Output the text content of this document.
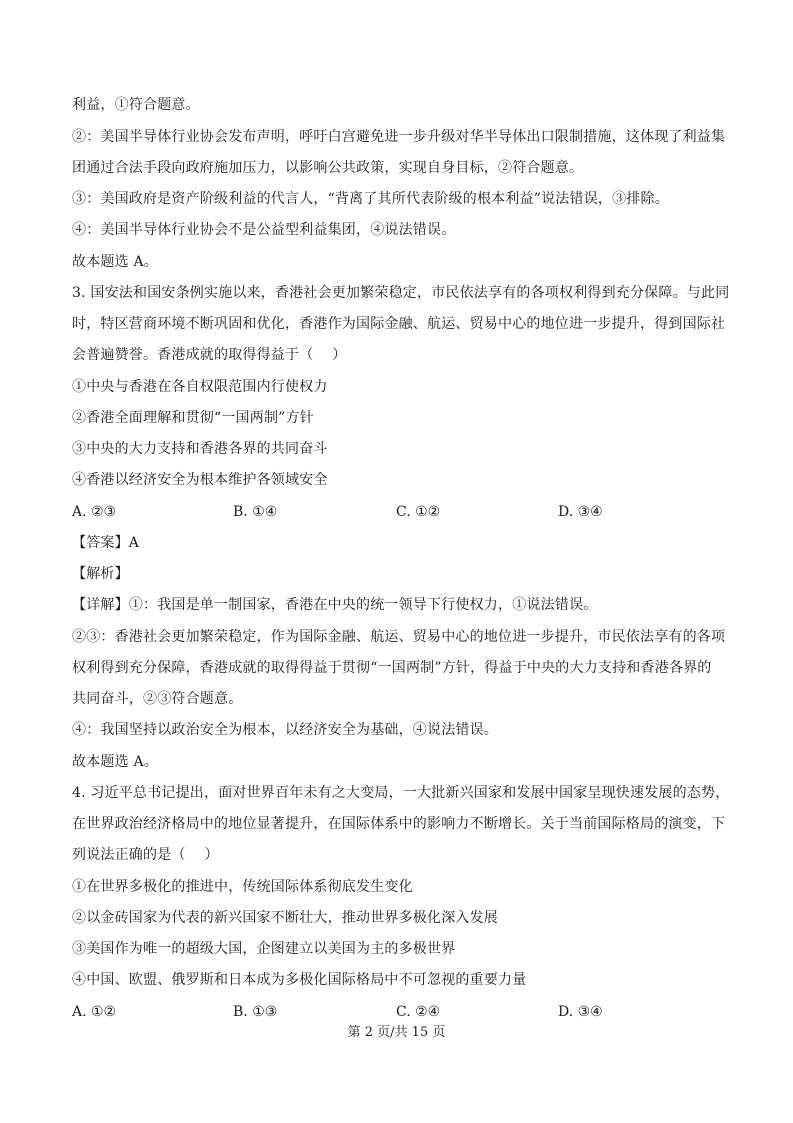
利益，①符合题意。
②：美国半导体行业协会发布声明，呼吁白宫避免进一步升级对华半导体出口限制措施，这体现了利益集
团通过合法手段向政府施加压力，以影响公共政策，实现自身目标，②符合题意。
③：美国政府是资产阶级利益的代言人，“背离了其所代表阶级的根本利益”说法错误，③排除。
④：美国半导体行业协会不是公益型利益集团，④说法错误。
故本题选 A。
3. 国安法和国安条例实施以来，香港社会更加繁荣稳定，市民依法享有的各项权利得到充分保障。与此同
时，特区营商环境不断巩固和优化，香港作为国际金融、航运、贸易中心的地位进一步提升，得到国际社
会普遍赞誉。香港成就的取得得益于（　 ）
①中央与香港在各自权限范围内行使权力
②香港全面理解和贯彻“一国两制”方针
③中央的大力支持和香港各界的共同奋斗
④香港以经济安全为根本维护各领域安全
A. ②③	B. ①④	C. ①②	D. ③④
【答案】A
【解析】
【详解】①：我国是单一制国家，香港在中央的统一领导下行使权力，①说法错误。
②③：香港社会更加繁荣稳定，作为国际金融、航运、贸易中心的地位进一步提升，市民依法享有的各项
权利得到充分保障，香港成就的取得得益于贯彻“一国两制”方针，得益于中央的大力支持和香港各界的
共同奋斗，②③符合题意。
④：我国坚持以政治安全为根本，以经济安全为基础，④说法错误。
故本题选 A。
4. 习近平总书记提出，面对世界百年未有之大变局，一大批新兴国家和发展中国家呈现快速发展的态势，
在世界政治经济格局中的地位显著提升，在国际体系中的影响力不断增长。关于当前国际格局的演变，下
列说法正确的是（　 ）
①在世界多极化的推进中，传统国际体系彻底发生变化
②以金砖国家为代表的新兴国家不断壮大，推动世界多极化深入发展
③美国作为唯一的超级大国，企图建立以美国为主的多极世界
④中国、欧盟、俄罗斯和日本成为多极化国际格局中不可忽视的重要力量
A. ①②	B. ①③	C. ②④	D. ③④
第 2 页/共 15 页
